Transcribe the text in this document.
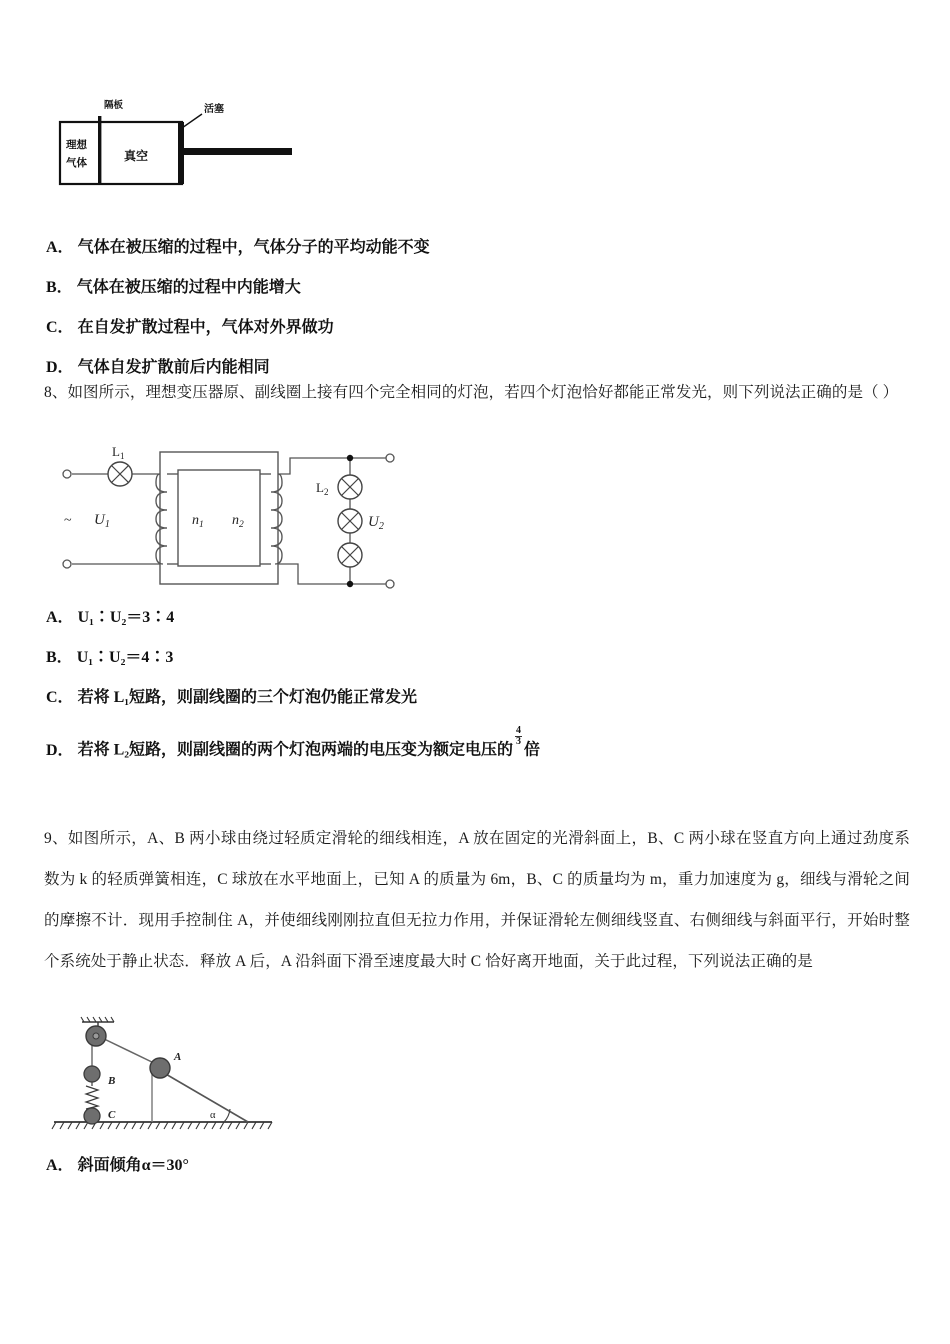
隔板	活塞
理想
气体	真空
A． 气体在被压缩的过程中，气体分子的平均动能不变
B． 气体在被压缩的过程中内能增大
C． 在自发扩散过程中，气体对外界做功
D． 气体自发扩散前后内能相同
8、如图所示，理想变压器原、副线圈上接有四个完全相同的灯泡，若四个灯泡恰好都能正常发光，则下列说法正确的是（ ）
$L_1$
~ $U_1$	$n_1$ $n_2$
$L_2$
$U_2$
A． U₁∶U₂＝3∶4
B． U₁∶U₂＝4∶3
C． 若将 L₁短路，则副线圈的三个灯泡仍能正常发光
D． 若将 L₂短路，则副线圈的两个灯泡两端的电压变为额定电压的
$\frac{4}{3}$
倍
9、如图所示，A、B 两小球由绕过轻质定滑轮的细线相连，A 放在固定的光滑斜面上，B、C 两小球在竖直方向上通过劲度系数为 k 的轻质弹簧相连，C 球放在水平地面上，已知 A 的质量为 6m，B、C 的质量均为 m，重力加速度为 g，细线与滑轮之间的摩擦不计．现用手控制住 A，并使细线刚刚拉直但无拉力作用，并保证滑轮左侧细线竖直、右侧细线与斜面平行，开始时整个系统处于静止状态．释放 A 后，A 沿斜面下滑至速度最大时 C 恰好离开地面，关于此过程，下列说法正确的是
A
B
C	α
A． 斜面倾角α＝30°
